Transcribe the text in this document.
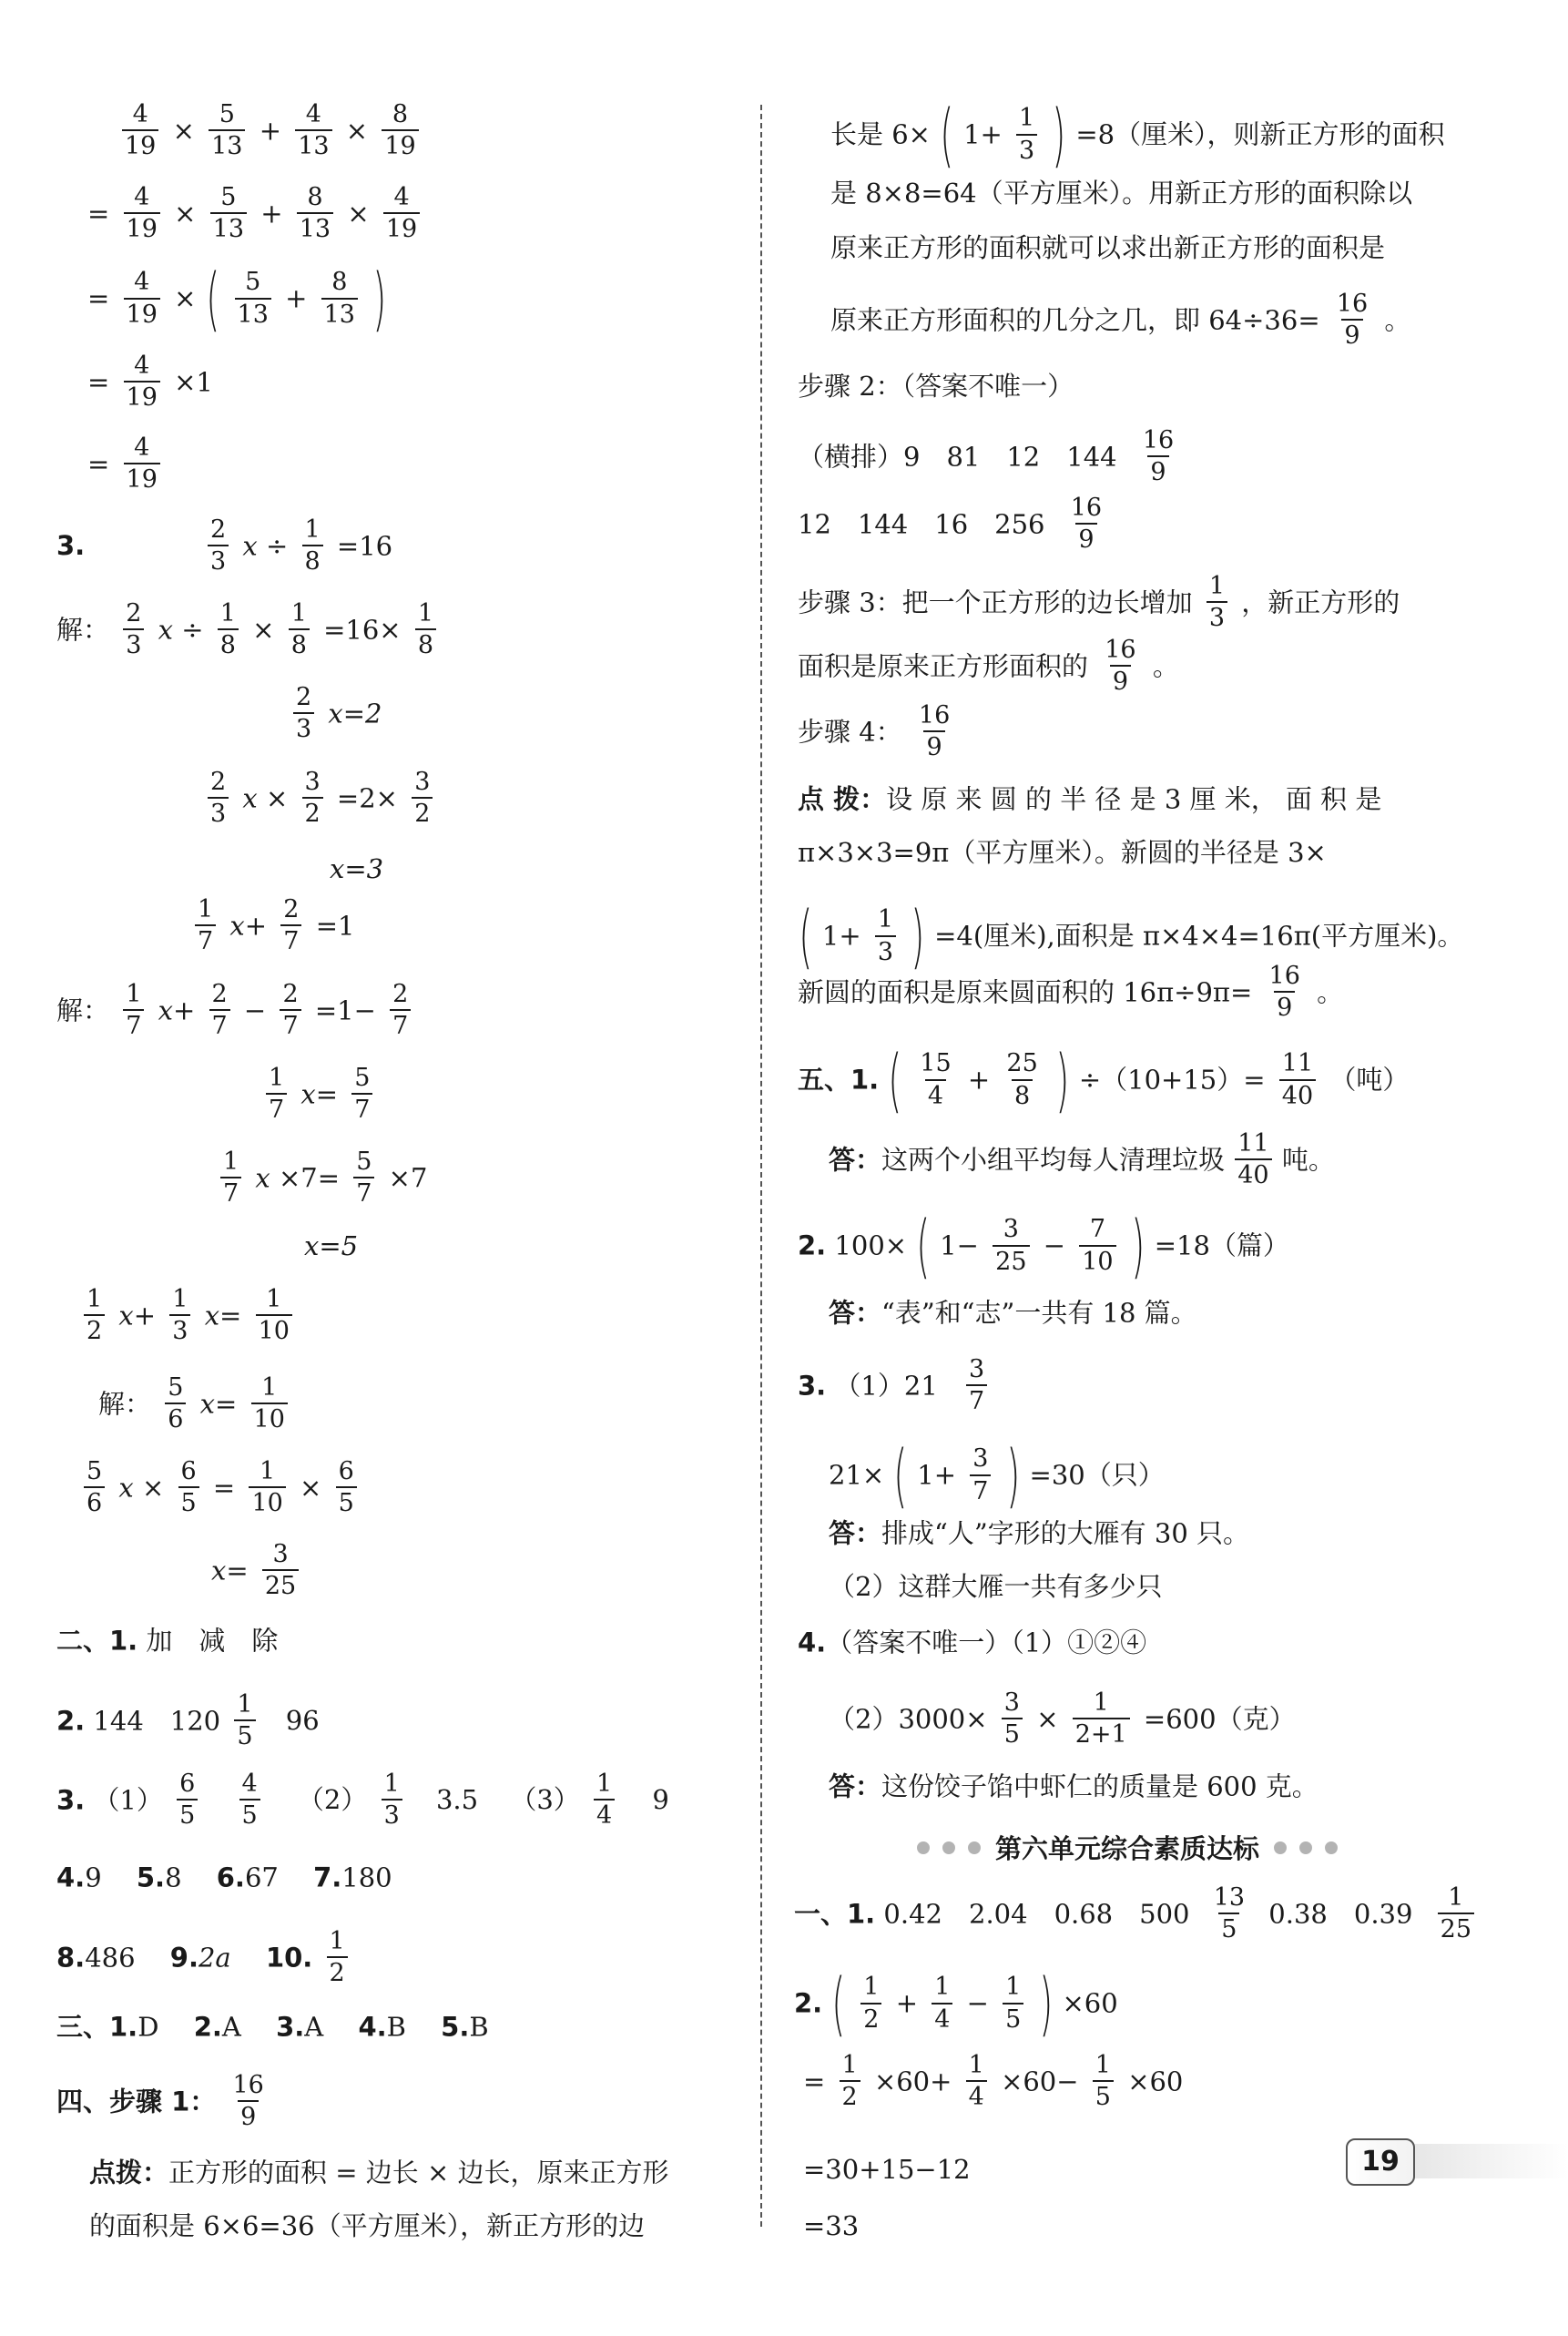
$\frac{4}{19} \times \frac{5}{13} + \frac{4}{13} \times \frac{8}{19}$
= $\frac{4}{19} \times \frac{5}{13} + \frac{8}{13} \times \frac{4}{19}$
= $\frac{4}{19}$ × ( $\frac{5}{13} + \frac{8}{13}$ )
= $\frac{4}{19} \times 1$
= $\frac{4}{19}$
3.	$\frac{2}{3}$ $x \div \frac{1}{8} =16$
解： $\frac{2}{3}$ $x \div \frac{1}{8} \times \frac{1}{8} =16\times \frac{1}{8}$
$\frac{2}{3} x=2$
$\frac{2}{3}$ $x \times \frac{3}{2} =2\times \frac{3}{2}$
x=3
$\frac{1}{7} x+ \frac{2}{7} =1$
解： $\frac{1}{7} x+ \frac{2}{7} - \frac{2}{7} =1- \frac{2}{7}$
$\frac{1}{7} x= \frac{5}{7}$
$\frac{1}{7}$ $x \times 7= \frac{5}{7} \times 7$
x=5
$\frac{1}{2} x+ \frac{1}{3} x= \frac{1}{10}$
解： $\frac{5}{6} x= \frac{1}{10}$
$\frac{5}{6}$ $x \times \frac{6}{5} = \frac{1}{10} \times \frac{6}{5}$
$x= \frac{3}{25}$
二、1. 加　减　除
2. 144　$120 \frac{1}{5} 96$
3. $(1) \frac{6}{5}$
$\frac{4}{5} (2) \frac{1}{3} 3.5$ $(3) \frac{1}{4} 9$
4.9　 5.8　 6.67　 7.180
8.486　 9.2a 　10. $\frac{1}{2}$
三、1.D　 2.A　 3.A　 4.B　 5.B
四、步骤 1： $\frac{16}{9}$
点拨：正方形的面积 = 边长 × 边长，原来正方形
的面积是 6×6=36（平方厘米），新正方形的边
长是 6× ( $1+ \frac{1}{3}$ ) =8（厘米），则新正方形的面积
是 8×8=64（平方厘米）。用新正方形的面积除以
原来正方形的面积就可以求出新正方形的面积是
原来正方形面积的几分之几，即 $64\div 36= \frac{16}{9}$ 。
步骤 2：（答案不唯一）
（横排）9　81　12　$144 \frac{16}{9}$
12　144　16　$256 \frac{16}{9}$
步骤 3：把一个正方形的边长增加 $\frac{1}{3}$ ，新正方形的
面积是原来正方形面积的 $\frac{16}{9}$ 。
步骤 4： $\frac{16}{9}$
点 拨：设 原 来 圆 的 半 径 是 3 厘 米， 面 积 是
π×3×3=9π（平方厘米）。新圆的半径是 3×
( $1+ \frac{1}{3}$ ) =4(厘米),面积是 π×4×4=16π(平方厘米)。
新圆的面积是原来圆面积的 $16\pi\div 9\pi= \frac{16}{9}$ 。
五、1. ( $\frac{15}{4} + \frac{25}{8}$ ) $\div(10+15)= \frac{11}{40}$ （吨）
答：这两个小组平均每人清理垃圾 $\frac{11}{40}$ 吨。
2. 100× ( $1- \frac{3}{25} - \frac{7}{10}$ ) =18（篇）
答：“表”和“志”一共有 18 篇。
3. $(1)21 \frac{3}{7}$
21× ( $1+ \frac{3}{7}$ ) =30（只）
答：排成“人”字形的大雁有 30 只。
（2）这群大雁一共有多少只
4.（答案不唯一）（1）①②④
$(2)3000\times \frac{3}{5} \times \frac{1}{2+1} =600$（克）
答：这份饺子馅中虾仁的质量是 600 克。
第六单元综合素质达标
一、1. 0.42　2.04　0.68　$500 \frac{13}{5} 0.38$　$0.39 \frac{1}{25}$
2. ( $\frac{1}{2} + \frac{1}{4} - \frac{1}{5}$ ) ×60
= $\frac{1}{2} \times 60+ \frac{1}{4} \times 60- \frac{1}{5} \times 60$
=30+15−12
=33
19
